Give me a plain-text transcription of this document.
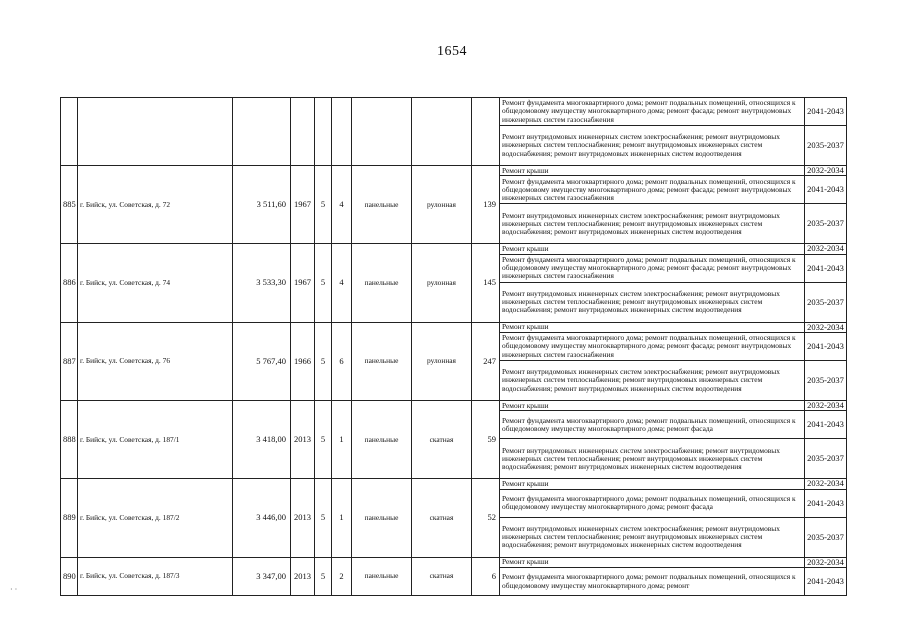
1654
									Ремонт фундамента многоквартирного дома; ремонт подвальных помещений, относящихся к общедомовому имуществу многоквартирного дома; ремонт фасада; ремонт внутридомовых инженерных систем газоснабжения	2041-2043
									Ремонт внутридомовых инженерных систем электроснабжения; ремонт внутридомовых инженерных систем теплоснабжения; ремонт внутридомовых инженерных систем водоснабжения; ремонт внутридомовых инженерных систем водоотведения	2035-2037
885	г. Бийск, ул. Советская, д. 72	3 511,60	1967	5	4	панельные	рулонная	139	Ремонт крыши	2032-2034
									Ремонт фундамента многоквартирного дома; ремонт подвальных помещений, относящихся к общедомовому имуществу многоквартирного дома; ремонт фасада; ремонт внутридомовых инженерных систем газоснабжения	2041-2043
									Ремонт внутридомовых инженерных систем электроснабжения; ремонт внутридомовых инженерных систем теплоснабжения; ремонт внутридомовых инженерных систем водоснабжения; ремонт внутридомовых инженерных систем водоотведения	2035-2037
886	г. Бийск, ул. Советская, д. 74	3 533,30	1967	5	4	панельные	рулонная	145	Ремонт крыши	2032-2034
									Ремонт фундамента многоквартирного дома; ремонт подвальных помещений, относящихся к общедомовому имуществу многоквартирного дома; ремонт фасада; ремонт внутридомовых инженерных систем газоснабжения	2041-2043
									Ремонт внутридомовых инженерных систем электроснабжения; ремонт внутридомовых инженерных систем теплоснабжения; ремонт внутридомовых инженерных систем водоснабжения; ремонт внутридомовых инженерных систем водоотведения	2035-2037
887	г. Бийск, ул. Советская, д. 76	5 767,40	1966	5	6	панельные	рулонная	247	Ремонт крыши	2032-2034
									Ремонт фундамента многоквартирного дома; ремонт подвальных помещений, относящихся к общедомовому имуществу многоквартирного дома; ремонт фасада; ремонт внутридомовых инженерных систем газоснабжения	2041-2043
									Ремонт внутридомовых инженерных систем электроснабжения; ремонт внутридомовых инженерных систем теплоснабжения; ремонт внутридомовых инженерных систем водоснабжения; ремонт внутридомовых инженерных систем водоотведения	2035-2037
888	г. Бийск, ул. Советская, д. 187/1	3 418,00	2013	5	1	панельные	скатная	59	Ремонт крыши	2032-2034
									Ремонт фундамента многоквартирного дома; ремонт подвальных помещений, относящихся к общедомовому имуществу многоквартирного дома; ремонт фасада	2041-2043
									Ремонт внутридомовых инженерных систем электроснабжения; ремонт внутридомовых инженерных систем теплоснабжения; ремонт внутридомовых инженерных систем водоснабжения; ремонт внутридомовых инженерных систем водоотведения	2035-2037
889	г. Бийск, ул. Советская, д. 187/2	3 446,00	2013	5	1	панельные	скатная	52	Ремонт крыши	2032-2034
									Ремонт фундамента многоквартирного дома; ремонт подвальных помещений, относящихся к общедомовому имуществу многоквартирного дома; ремонт фасада	2041-2043
									Ремонт внутридомовых инженерных систем электроснабжения; ремонт внутридомовых инженерных систем теплоснабжения; ремонт внутридомовых инженерных систем водоснабжения; ремонт внутридомовых инженерных систем водоотведения	2035-2037
890	г. Бийск, ул. Советская, д. 187/3	3 347,00	2013	5	2	панельные	скатная	6	Ремонт крыши	2032-2034
									Ремонт фундамента многоквартирного дома; ремонт подвальных помещений, относящихся к общедомовому имуществу многоквартирного дома; ремонт	2041-2043
· ·
